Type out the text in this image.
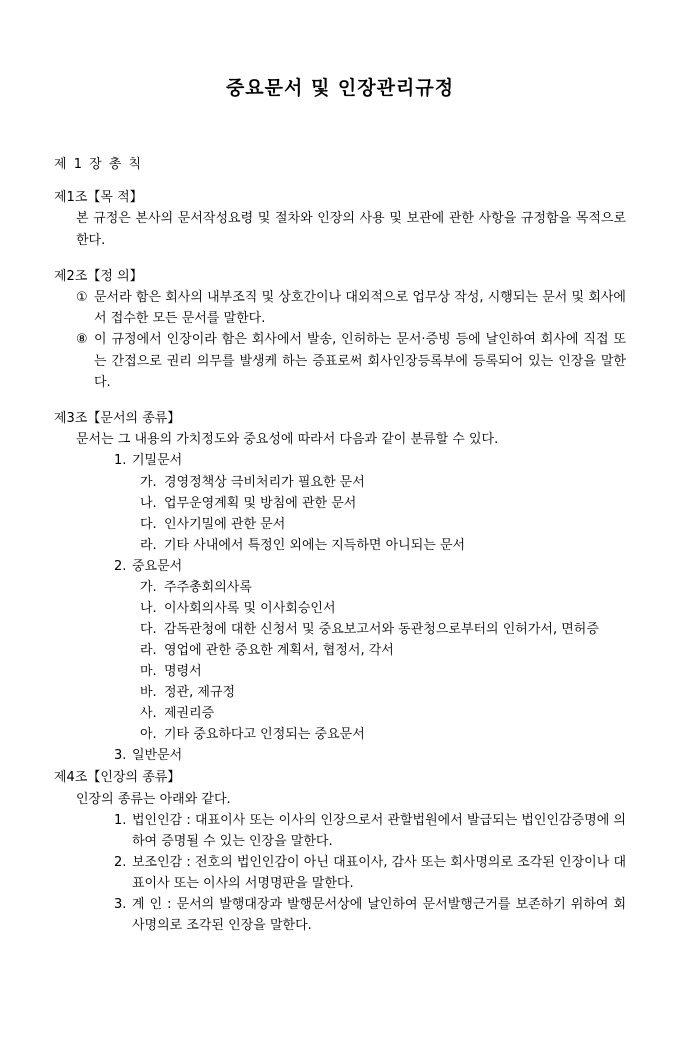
중요문서 및 인장관리규정
제 1 장 총 칙
제1조【목 적】
본 규정은 본사의 문서작성요령 및 절차와 인장의 사용 및 보관에 관한 사항을 규정함을 목적으로 한다.
제2조【정 의】
① 문서라 함은 회사의 내부조직 및 상호간이나 대외적으로 업무상 작성, 시행되는 문서 및 회사에서 접수한 모든 문서를 말한다.
⑧ 이 규정에서 인장이라 함은 회사에서 발송, 인허하는 문서·증빙 등에 날인하여 회사에 직접 또는 간접으로 권리 의무를 발생케 하는 증표로써 회사인장등록부에 등록되어 있는 인장을 말한다.
제3조【문서의 종류】
문서는 그 내용의 가치정도와 중요성에 따라서 다음과 같이 분류할 수 있다.
1. 기밀문서
가. 경영정책상 극비처리가 필요한 문서
나. 업무운영계획 및 방침에 관한 문서
다. 인사기밀에 관한 문서
라. 기타 사내에서 특정인 외에는 지득하면 아니되는 문서
2. 중요문서
가. 주주총회의사록
나. 이사회의사록 및 이사회승인서
다. 감독관청에 대한 신청서 및 중요보고서와 동관청으로부터의 인허가서, 면허증
라. 영업에 관한 중요한 계획서, 협정서, 각서
마. 명령서
바. 정관, 제규정
사. 제권리증
아. 기타 중요하다고 인정되는 중요문서
3. 일반문서
제4조【인장의 종류】
인장의 종류는 아래와 같다.
1. 법인인감 : 대표이사 또는 이사의 인장으로서 관할법원에서 발급되는 법인인감증명에 의하여 증명될 수 있는 인장을 말한다.
2. 보조인감 : 전호의 법인인감이 아닌 대표이사, 감사 또는 회사명의로 조각된 인장이나 대표이사 또는 이사의 서명명판을 말한다.
3. 계 인 : 문서의 발행대장과 발행문서상에 날인하여 문서발행근거를 보존하기 위하여 회사명의로 조각된 인장을 말한다.
